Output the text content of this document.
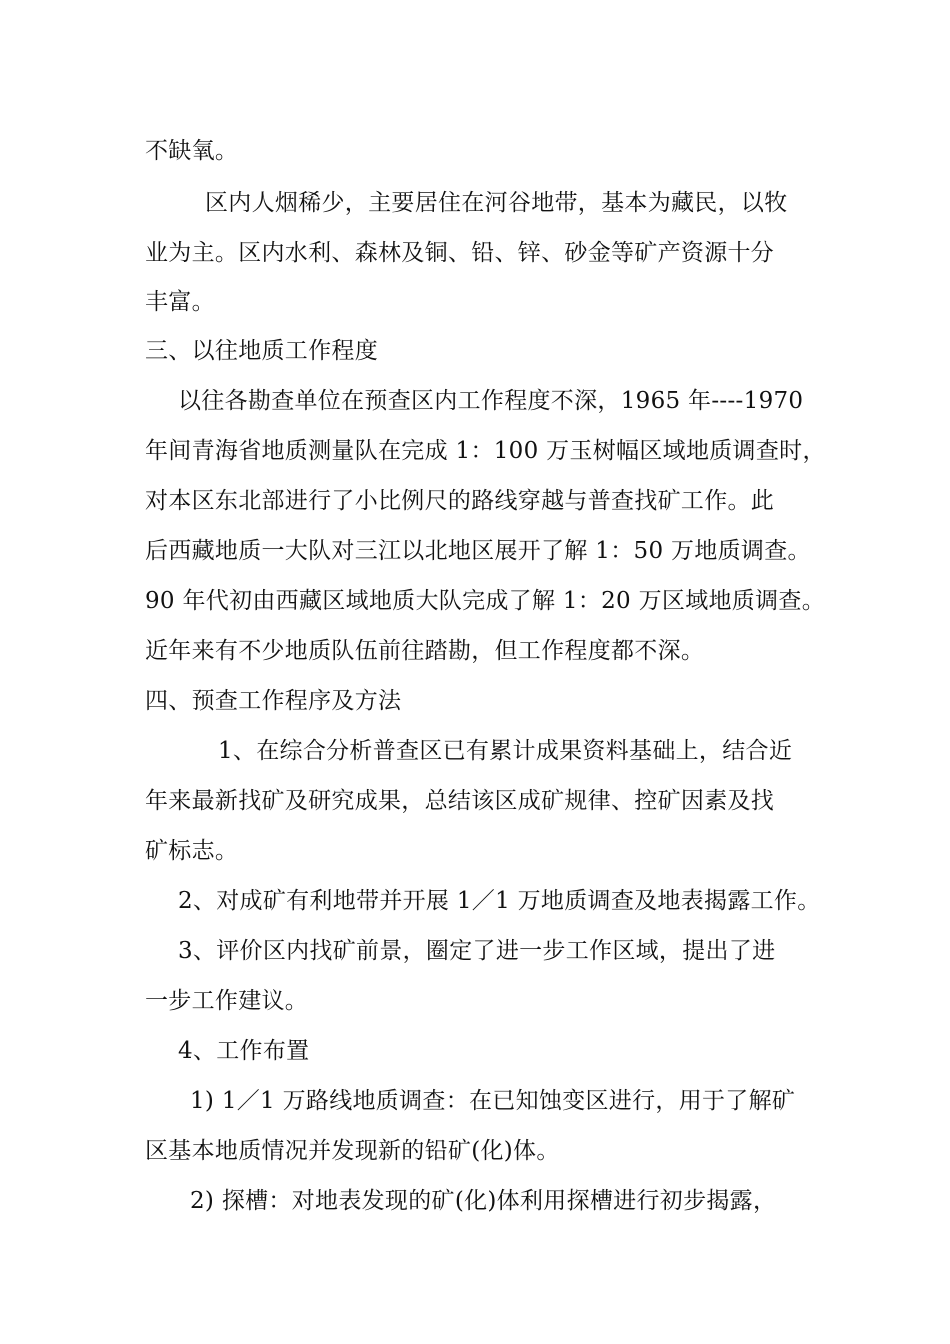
不缺氧。
区内人烟稀少，主要居住在河谷地带，基本为藏民，以牧
业为主。区内水利、森林及铜、铅、锌、砂金等矿产资源十分
丰富。
三、以往地质工作程度
以往各勘查单位在预查区内工作程度不深，1965 年----1970
年间青海省地质测量队在完成 1：100 万玉树幅区域地质调查时，
对本区东北部进行了小比例尺的路线穿越与普查找矿工作。此
后西藏地质一大队对三江以北地区展开了解 1：50 万地质调查。
90 年代初由西藏区域地质大队完成了解 1：20 万区域地质调查。
近年来有不少地质队伍前往踏勘，但工作程度都不深。
四、预查工作程序及方法
1、在综合分析普查区已有累计成果资料基础上，结合近
年来最新找矿及研究成果，总结该区成矿规律、控矿因素及找
矿标志。
2、对成矿有利地带并开展 1／1 万地质调查及地表揭露工作。
3、评价区内找矿前景，圈定了进一步工作区域，提出了进
一步工作建议。
4、工作布置
1) 1／1 万路线地质调查：在已知蚀变区进行，用于了解矿
区基本地质情况并发现新的铅矿(化)体。
2) 探槽：对地表发现的矿(化)体利用探槽进行初步揭露，
